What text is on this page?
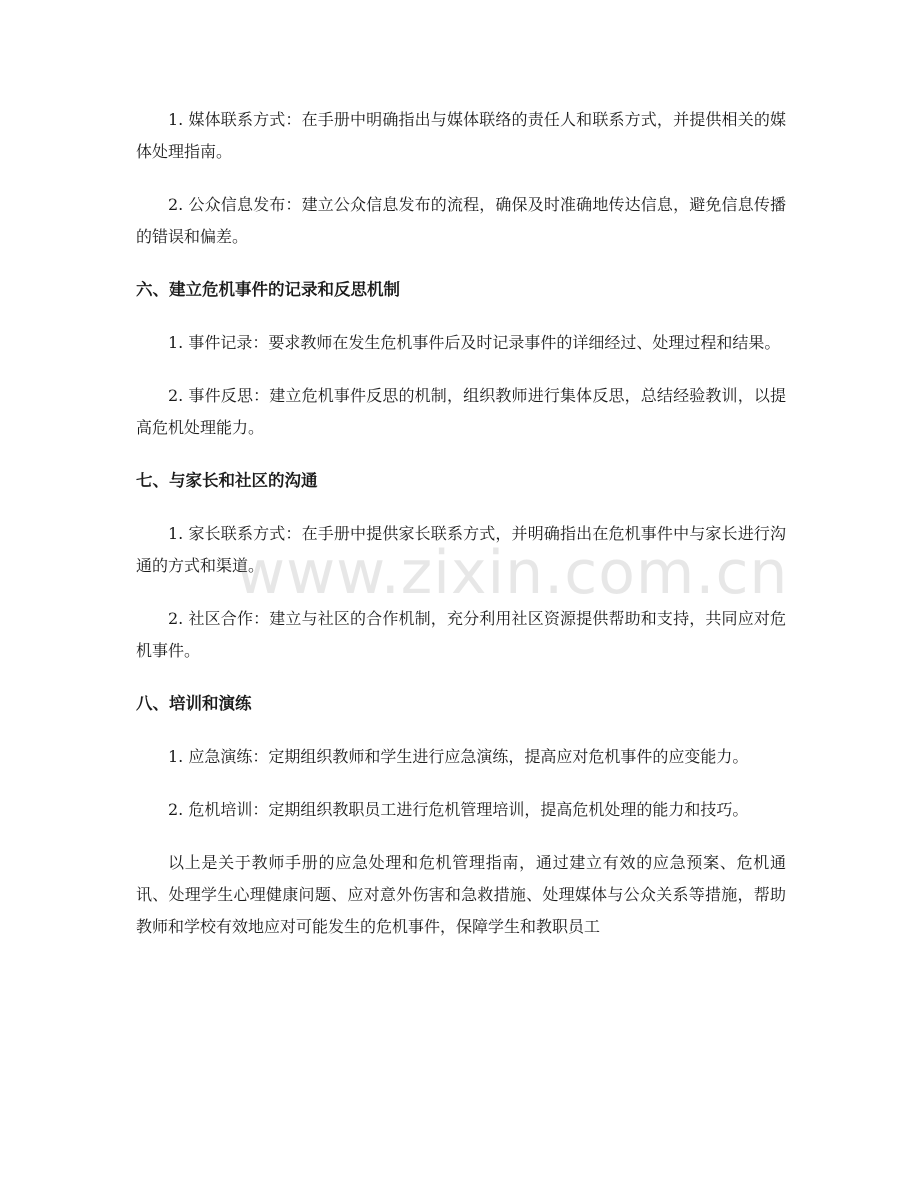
1. 媒体联系方式：在手册中明确指出与媒体联络的责任人和联系方式，并提供相关的媒体处理指南。

2. 公众信息发布：建立公众信息发布的流程，确保及时准确地传达信息，避免信息传播的错误和偏差。

六、建立危机事件的记录和反思机制

1. 事件记录：要求教师在发生危机事件后及时记录事件的详细经过、处理过程和结果。

2. 事件反思：建立危机事件反思的机制，组织教师进行集体反思，总结经验教训，以提高危机处理能力。

七、与家长和社区的沟通

1. 家长联系方式：在手册中提供家长联系方式，并明确指出在危机事件中与家长进行沟通的方式和渠道。

2. 社区合作：建立与社区的合作机制，充分利用社区资源提供帮助和支持，共同应对危机事件。

八、培训和演练

1. 应急演练：定期组织教师和学生进行应急演练，提高应对危机事件的应变能力。

2. 危机培训：定期组织教职员工进行危机管理培训，提高危机处理的能力和技巧。

以上是关于教师手册的应急处理和危机管理指南，通过建立有效的应急预案、危机通讯、处理学生心理健康问题、应对意外伤害和急救措施、处理媒体与公众关系等措施，帮助教师和学校有效地应对可能发生的危机事件，保障学生和教职员工

www.zixin.com.cn
